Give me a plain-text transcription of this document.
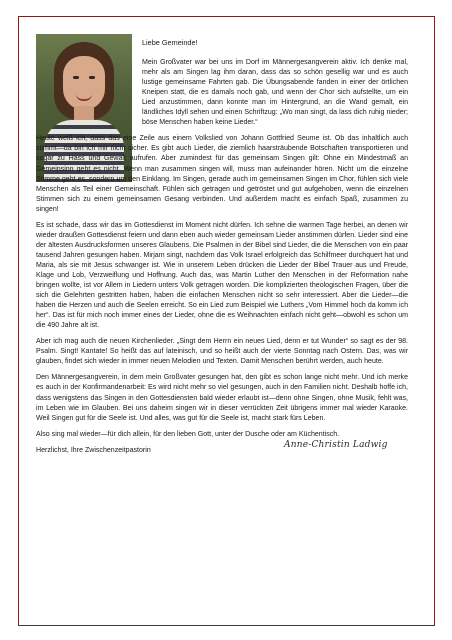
Liebe Gemeinde!

Mein Großvater war bei uns im Dorf im Männergesangverein aktiv. Ich denke mal, mehr als am Singen lag ihm daran, dass das so schön gesellig war und es auch lustige gemeinsame Fahrten gab. Die Übungsabende fanden in einer der örtlichen Kneipen statt, die es damals noch gab, und wenn der Chor sich aufstellte, um ein Lied anzustimmen, dann konnte man im Hintergrund, an die Wand gemalt, ein ländliches Idyll sehen und einen Schriftzug: „Wo man singt, da lass dich ruhig nieder; böse Menschen haben keine Lieder.“

Heute weiß ich, dass das eine Zeile aus einem Volkslied von Johann Gottfried Seume ist. Ob das inhaltlich auch stimmt—da bin ich mir nicht sicher. Es gibt auch Lieder, die ziemlich haarsträubende Botschaften transportieren und sogar zu Hass und Gewalt aufrufen. Aber zumindest für das gemeinsam Singen gilt: Ohne ein Mindestmaß an Gemeinsinn geht es nicht. Wenn man zusammen singen will, muss man aufeinander hören. Nicht um die einzelne Stimme geht es, sondern um den Einklang. Im Singen, gerade auch im gemeinsamen Singen im Chor, fühlen sich viele Menschen als Teil einer Gemeinschaft. Fühlen sich getragen und getröstet und gut aufgehoben, wenn die einzelnen Stimmen sich zu einem gemeinsamen Gesang verbinden. Und außerdem macht es einfach Spaß, zusammen zu singen!

Es ist schade, dass wir das im Gottesdienst im Moment nicht dürfen. Ich sehne die warmen Tage herbei, an denen wir wieder draußen Gottesdienst feiern und dann eben auch wieder gemeinsam Lieder anstimmen dürfen. Lieder sind eine der ältesten Ausdrucksformen unseres Glaubens. Die Psalmen in der Bibel sind Lieder, die die Menschen von ein paar tausend Jahren gesungen haben. Mirjam singt, nachdem das Volk Israel erfolgreich das Schilfmeer durchquert hat und Maria, als sie mit Jesus schwanger ist. Wie in unserem Leben drücken die Lieder der Bibel Trauer aus und Freude, Klage und Lob, Verzweiflung und Hoffnung. Auch das, was Martin Luther den Menschen in der Reformation nahe bringen wollte, ist vor Allem in Liedern unters Volk getragen worden. Die komplizierten theologischen Fragen, über die sich die Gelehrten gestritten haben, haben die einfachen Menschen nicht so sehr interessiert. Aber die Lieder—die haben die Herzen und auch die Seelen erreicht. So ein Lied zum Beispiel wie Luthers „Vom Himmel hoch da komm ich her“. Das ist für mich noch immer eines der Lieder, ohne die es Weihnachten einfach nicht geht—obwohl es schon um die 490 Jahre alt ist.

Aber ich mag auch die neuen Kirchenlieder. „Singt dem Herrn ein neues Lied, denn er tut Wunder“ so sagt es der 98. Psalm. Singt! Kantate! So heißt das auf lateinisch, und so heißt auch der vierte Sonntag nach Ostern. Das, was wir glauben, findet sich wieder in immer neuen Melodien und Texten. Damit Menschen berührt werden, auch heute.

Den Männergesangverein, in dem mein Großvater gesungen hat, den gibt es schon lange nicht mehr. Und ich merke es auch in der Konfirmandenarbeit: Es wird nicht mehr so viel gesungen, auch in den Familien nicht. Deshalb hoffe ich, dass wenigstens das Singen in den Gottesdiensten bald wieder erlaubt ist—denn ohne Singen, ohne Musik, fehlt was, im Leben wie im Glauben. Bei uns daheim singen wir in dieser verrückten Zeit übrigens immer mal wieder Karaoke. Weil Singen gut für die Seele ist. Und alles, was gut für die Seele ist, macht stark fürs Leben.

Also sing mal wieder—für dich allein, für den lieben Gott, unter der Dusche oder am Küchentisch.

Herzlichst, Ihre Zwischenzeitpastorin
Anne-Christin Ladwig
